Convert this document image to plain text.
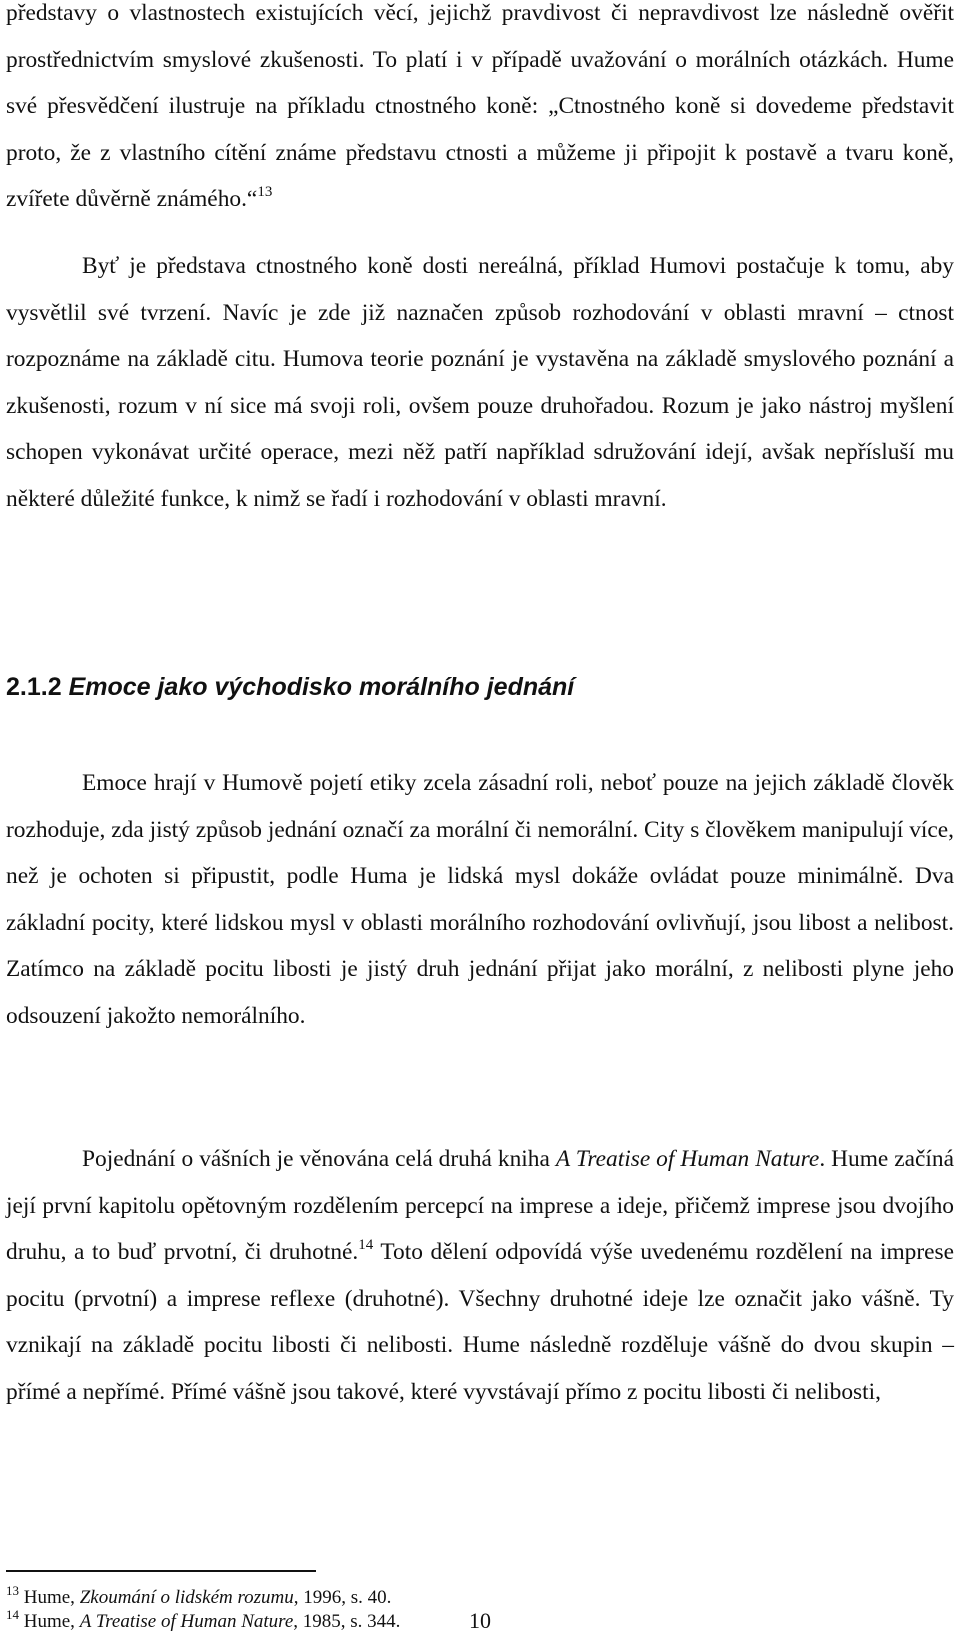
představy o vlastnostech existujících věcí, jejichž pravdivost či nepravdivost lze následně ověřit prostřednictvím smyslové zkušenosti. To platí i v případě uvažování o morálních otázkách. Hume své přesvědčení ilustruje na příkladu ctnostného koně: „Ctnostného koně si dovedeme představit proto, že z vlastního cítění známe představu ctnosti a můžeme ji připojit k postavě a tvaru koně, zvířete důvěrně známého.“$^{13}$

Byť je představa ctnostného koně dosti nereálná, příklad Humovi postačuje k tomu, aby vysvětlil své tvrzení. Navíc je zde již naznačen způsob rozhodování v oblasti mravní – ctnost rozpoznáme na základě citu. Humova teorie poznání je vystavěna na základě smyslového poznání a zkušenosti, rozum v ní sice má svoji roli, ovšem pouze druhořadou. Rozum je jako nástroj myšlení schopen vykonávat určité operace, mezi něž patří například sdružování idejí, avšak nepřísluší mu některé důležité funkce, k nimž se řadí i rozhodování v oblasti mravní.

2.1.2 Emoce jako východisko morálního jednání

Emoce hrají v Humově pojetí etiky zcela zásadní roli, neboť pouze na jejich základě člověk rozhoduje, zda jistý způsob jednání označí za morální či nemorální. City s člověkem manipulují více, než je ochoten si připustit, podle Huma je lidská mysl dokáže ovládat pouze minimálně. Dva základní pocity, které lidskou mysl v oblasti morálního rozhodování ovlivňují, jsou libost a nelibost. Zatímco na základě pocitu libosti je jistý druh jednání přijat jako morální, z nelibosti plyne jeho odsouzení jakožto nemorálního.

Pojednání o vášních je věnována celá druhá kniha A Treatise of Human Nature. Hume začíná její první kapitolu opětovným rozdělením percepcí na imprese a ideje, přičemž imprese jsou dvojího druhu, a to buď prvotní, či druhotné.$^{14}$ Toto dělení odpovídá výše uvedenému rozdělení na imprese pocitu (prvotní) a imprese reflexe (druhotné). Všechny druhotné ideje lze označit jako vášně. Ty vznikají na základě pocitu libosti či nelibosti. Hume následně rozděluje vášně do dvou skupin – přímé a nepřímé. Přímé vášně jsou takové, které vyvstávají přímo z pocitu libosti či nelibosti,

$^{13}$ Hume, Zkoumání o lidském rozumu, 1996, s. 40.
$^{14}$ Hume, A Treatise of Human Nature, 1985, s. 344.	10
